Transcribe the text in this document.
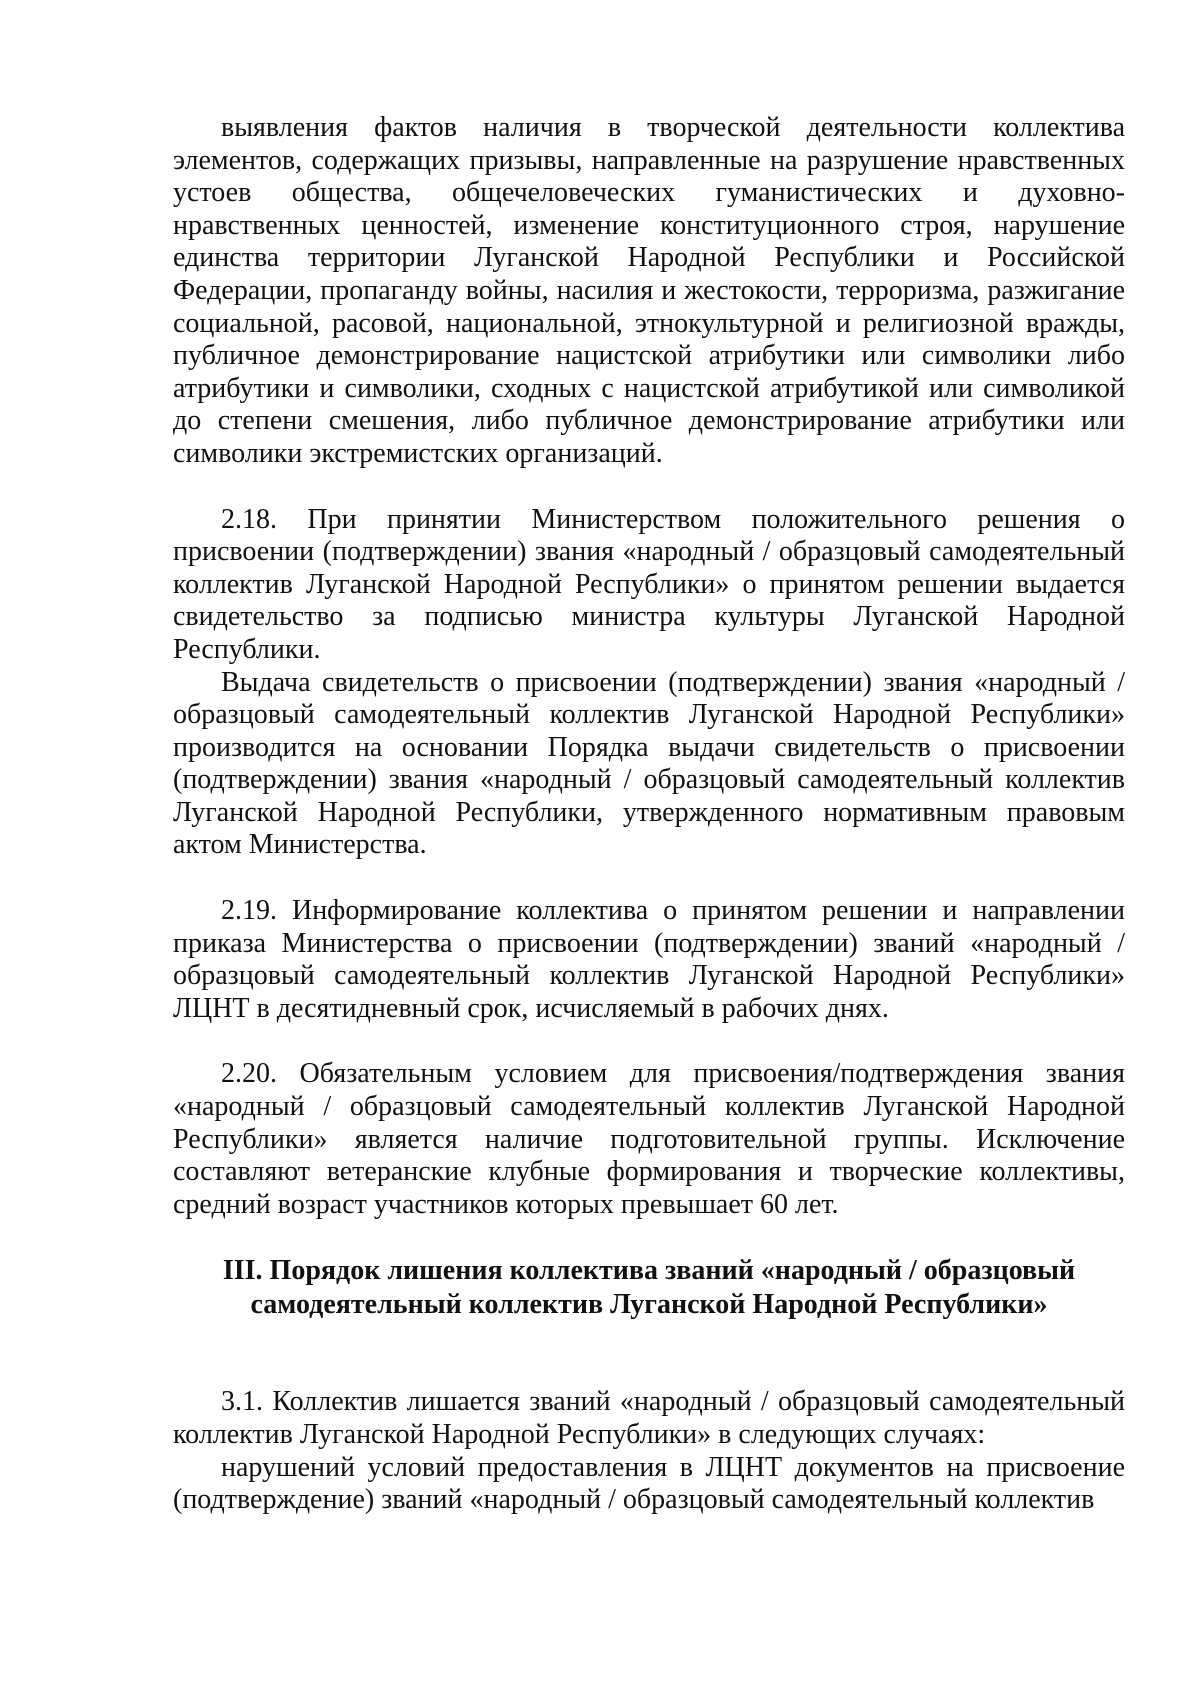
выявления фактов наличия в творческой деятельности коллектива элементов, содержащих призывы, направленные на разрушение нравственных устоев общества, общечеловеческих гуманистических и духовно-нравственных ценностей, изменение конституционного строя, нарушение единства территории Луганской Народной Республики и Российской Федерации, пропаганду войны, насилия и жестокости, терроризма, разжигание социальной, расовой, национальной, этнокультурной и религиозной вражды, публичное демонстрирование нацистской атрибутики или символики либо атрибутики и символики, сходных с нацистской атрибутикой или символикой до степени смешения, либо публичное демонстрирование атрибутики или символики экстремистских организаций.

2.18. При принятии Министерством положительного решения о присвоении (подтверждении) звания «народный / образцовый самодеятельный коллектив Луганской Народной Республики» о принятом решении выдается свидетельство за подписью министра культуры Луганской Народной Республики.

Выдача свидетельств о присвоении (подтверждении) звания «народный / образцовый самодеятельный коллектив Луганской Народной Республики» производится на основании Порядка выдачи свидетельств о присвоении (подтверждении) звания «народный / образцовый самодеятельный коллектив Луганской Народной Республики, утвержденного нормативным правовым актом Министерства.

2.19. Информирование коллектива о принятом решении и направлении приказа Министерства о присвоении (подтверждении) званий «народный / образцовый самодеятельный коллектив Луганской Народной Республики» ЛЦНТ в десятидневный срок, исчисляемый в рабочих днях.

2.20. Обязательным условием для присвоения/подтверждения звания «народный / образцовый самодеятельный коллектив Луганской Народной Республики» является наличие подготовительной группы. Исключение составляют ветеранские клубные формирования и творческие коллективы, средний возраст участников которых превышает 60 лет.

III. Порядок лишения коллектива званий «народный / образцовый

самодеятельный коллектив Луганской Народной Республики»

3.1. Коллектив лишается званий «народный / образцовый самодеятельный коллектив Луганской Народной Республики» в следующих случаях:

нарушений условий предоставления в ЛЦНТ документов на присвоение (подтверждение) званий «народный / образцовый самодеятельный коллектив
